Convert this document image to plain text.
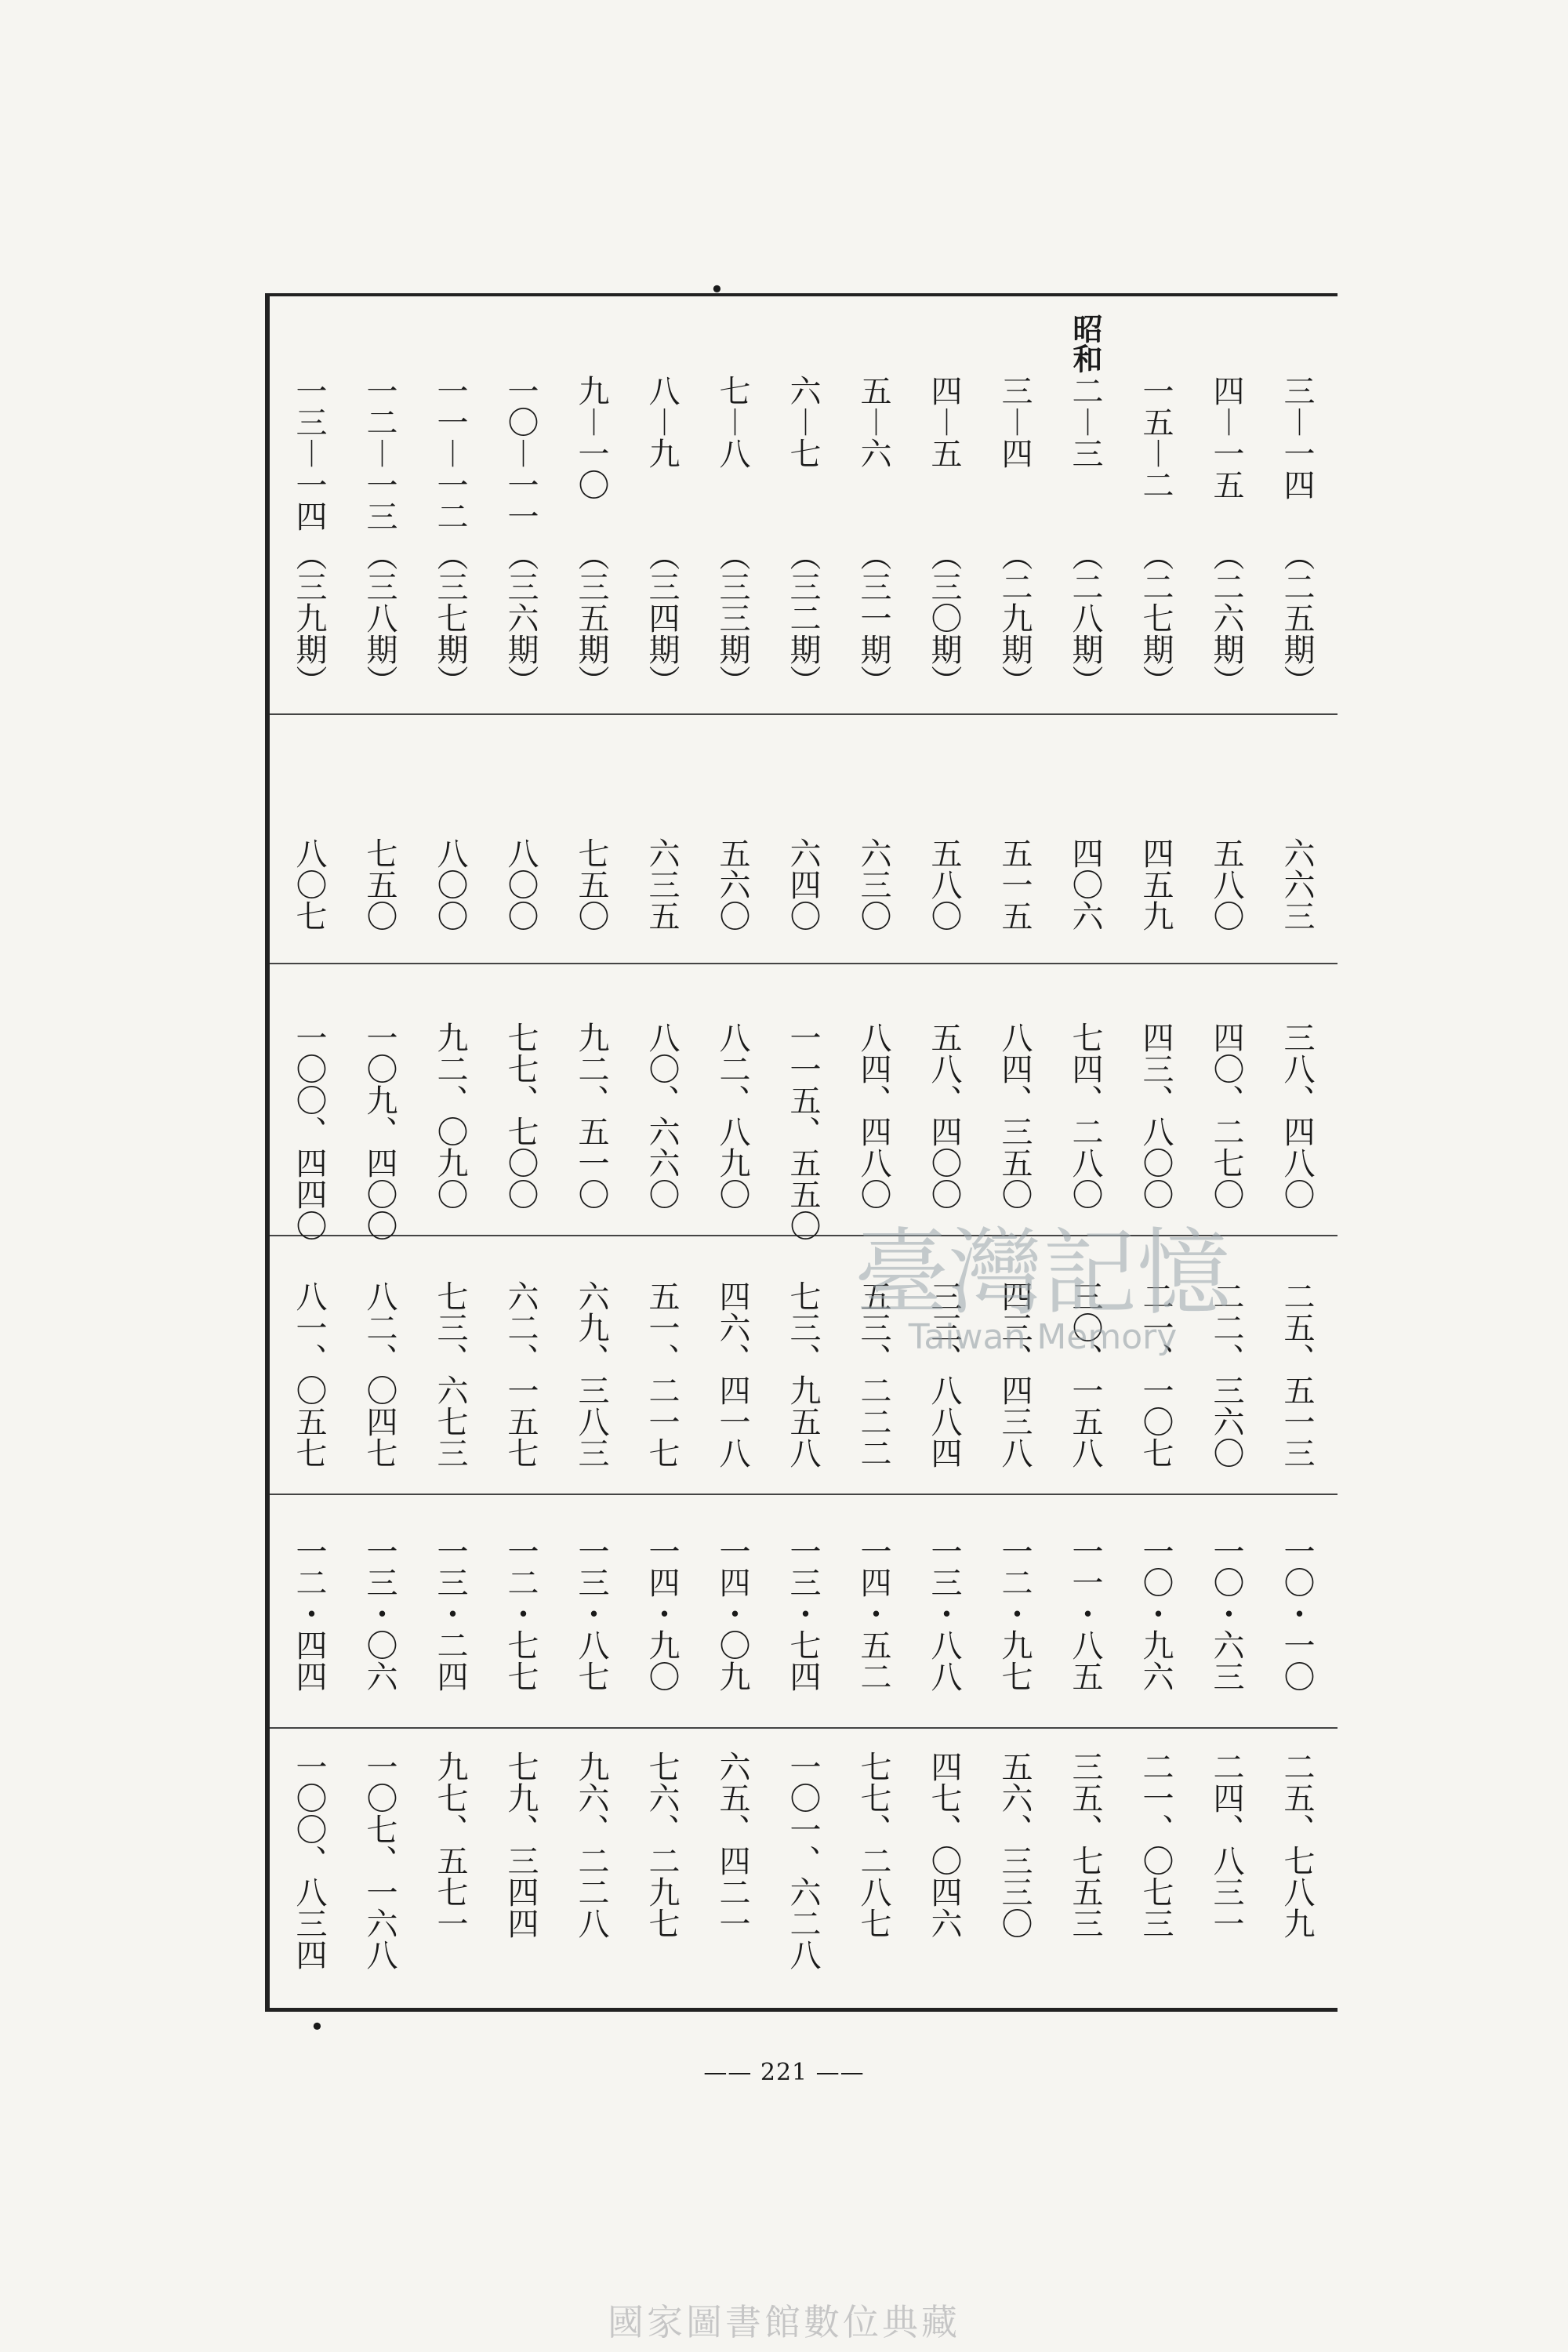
三︱一四
（二五期）
六六三
三八、四八〇
二五、五一三
一〇・一〇
二五、七八九
四︱一五
（二六期）
五八〇
四〇、二七〇
二二、三六〇
一〇・六三
二四、八三一
一五︱二
（二七期）
四五九
四三、八〇〇
二一、一〇七
一〇・九六
二一、〇七三
二︱三
（二八期）
四〇六
七四、二八〇
三〇、一五八
一一・八五
三五、七五三
昭和
三︱四
（二九期）
五一五
八四、三五〇
四三、四三八
一二・九七
五六、三三〇
四︱五
（三〇期）
五八〇
五八、四〇〇
三三、八八四
一三・八八
四七、〇四六
五︱六
（三一期）
六三〇
八四、四八〇
五三、二二二
一四・五二
七七、二八七
六︱七
（三二期）
六四〇
一一五、五五〇
七三、九五八
一三・七四
一〇一、六二八
七︱八
（三三期）
五六〇
八二、八九〇
四六、四一八
一四・〇九
六五、四二一
八︱九
（三四期）
六三五
八〇、六六〇
五一、二一七
一四・九〇
七六、二九七
九︱一〇
（三五期）
七五〇
九二、五一〇
六九、三八三
一三・八七
九六、二二八
一〇︱一一
（三六期）
八〇〇
七七、七〇〇
六二、一五七
一二・七七
七九、三四四
一一︱一二
（三七期）
八〇〇
九二、〇九〇
七三、六七三
一三・二四
九七、五七一
一二︱一三
（三八期）
七五〇
一〇九、四〇〇
八二、〇四七
一三・〇六
一〇七、一六八
一三︱一四
（三九期）
八〇七
一〇〇、四四〇
八一、〇五七
一二・四四
一〇〇、八三四
•
•
臺灣記憶
Taiwan Memory
—— 221 ——
國家圖書館數位典藏
